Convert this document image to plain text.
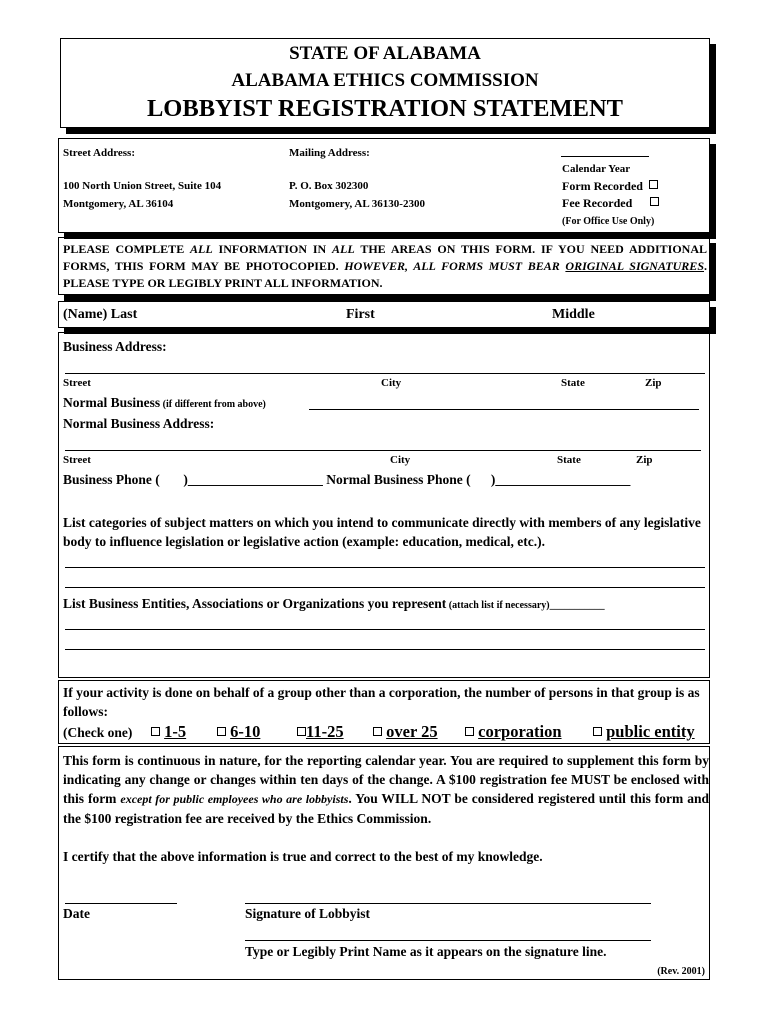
STATE OF ALABAMA
ALABAMA ETHICS COMMISSION
LOBBYIST REGISTRATION STATEMENT
Street Address:
100 North Union Street, Suite 104
Montgomery, AL 36104
Mailing Address:
P. O. Box 302300
Montgomery, AL 36130-2300
Calendar Year
Form Recorded
Fee Recorded
(For Office Use Only)
PLEASE COMPLETE ALL INFORMATION IN ALL THE AREAS ON THIS FORM. IF YOU NEED ADDITIONAL FORMS, THIS FORM MAY BE PHOTOCOPIED. HOWEVER, ALL FORMS MUST BEAR ORIGINAL SIGNATURES. PLEASE TYPE OR LEGIBLY PRINT ALL INFORMATION.
(Name) Last	First	Middle
Business Address:
Street	City	State	Zip
Normal Business (if different from above)
Normal Business Address:
Street	City	State	Zip
Business Phone ( )____________________ Normal Business Phone ( )____________________
List categories of subject matters on which you intend to communicate directly with members of any legislative body to influence legislation or legislative action (example: education, medical, etc.).
List Business Entities, Associations or Organizations you represent (attach list if necessary)___________
If your activity is done on behalf of a group other than a corporation, the number of persons in that group is as follows:
(Check one)	1-5	6-10	11-25	over 25	corporation	public entity
This form is continuous in nature, for the reporting calendar year. You are required to supplement this form by indicating any change or changes within ten days of the change. A $100 registration fee MUST be enclosed with this form except for public employees who are lobbyists. You WILL NOT be considered registered until this form and the $100 registration fee are received by the Ethics Commission.
I certify that the above information is true and correct to the best of my knowledge.
Date	Signature of Lobbyist
Type or Legibly Print Name as it appears on the signature line.
(Rev. 2001)
